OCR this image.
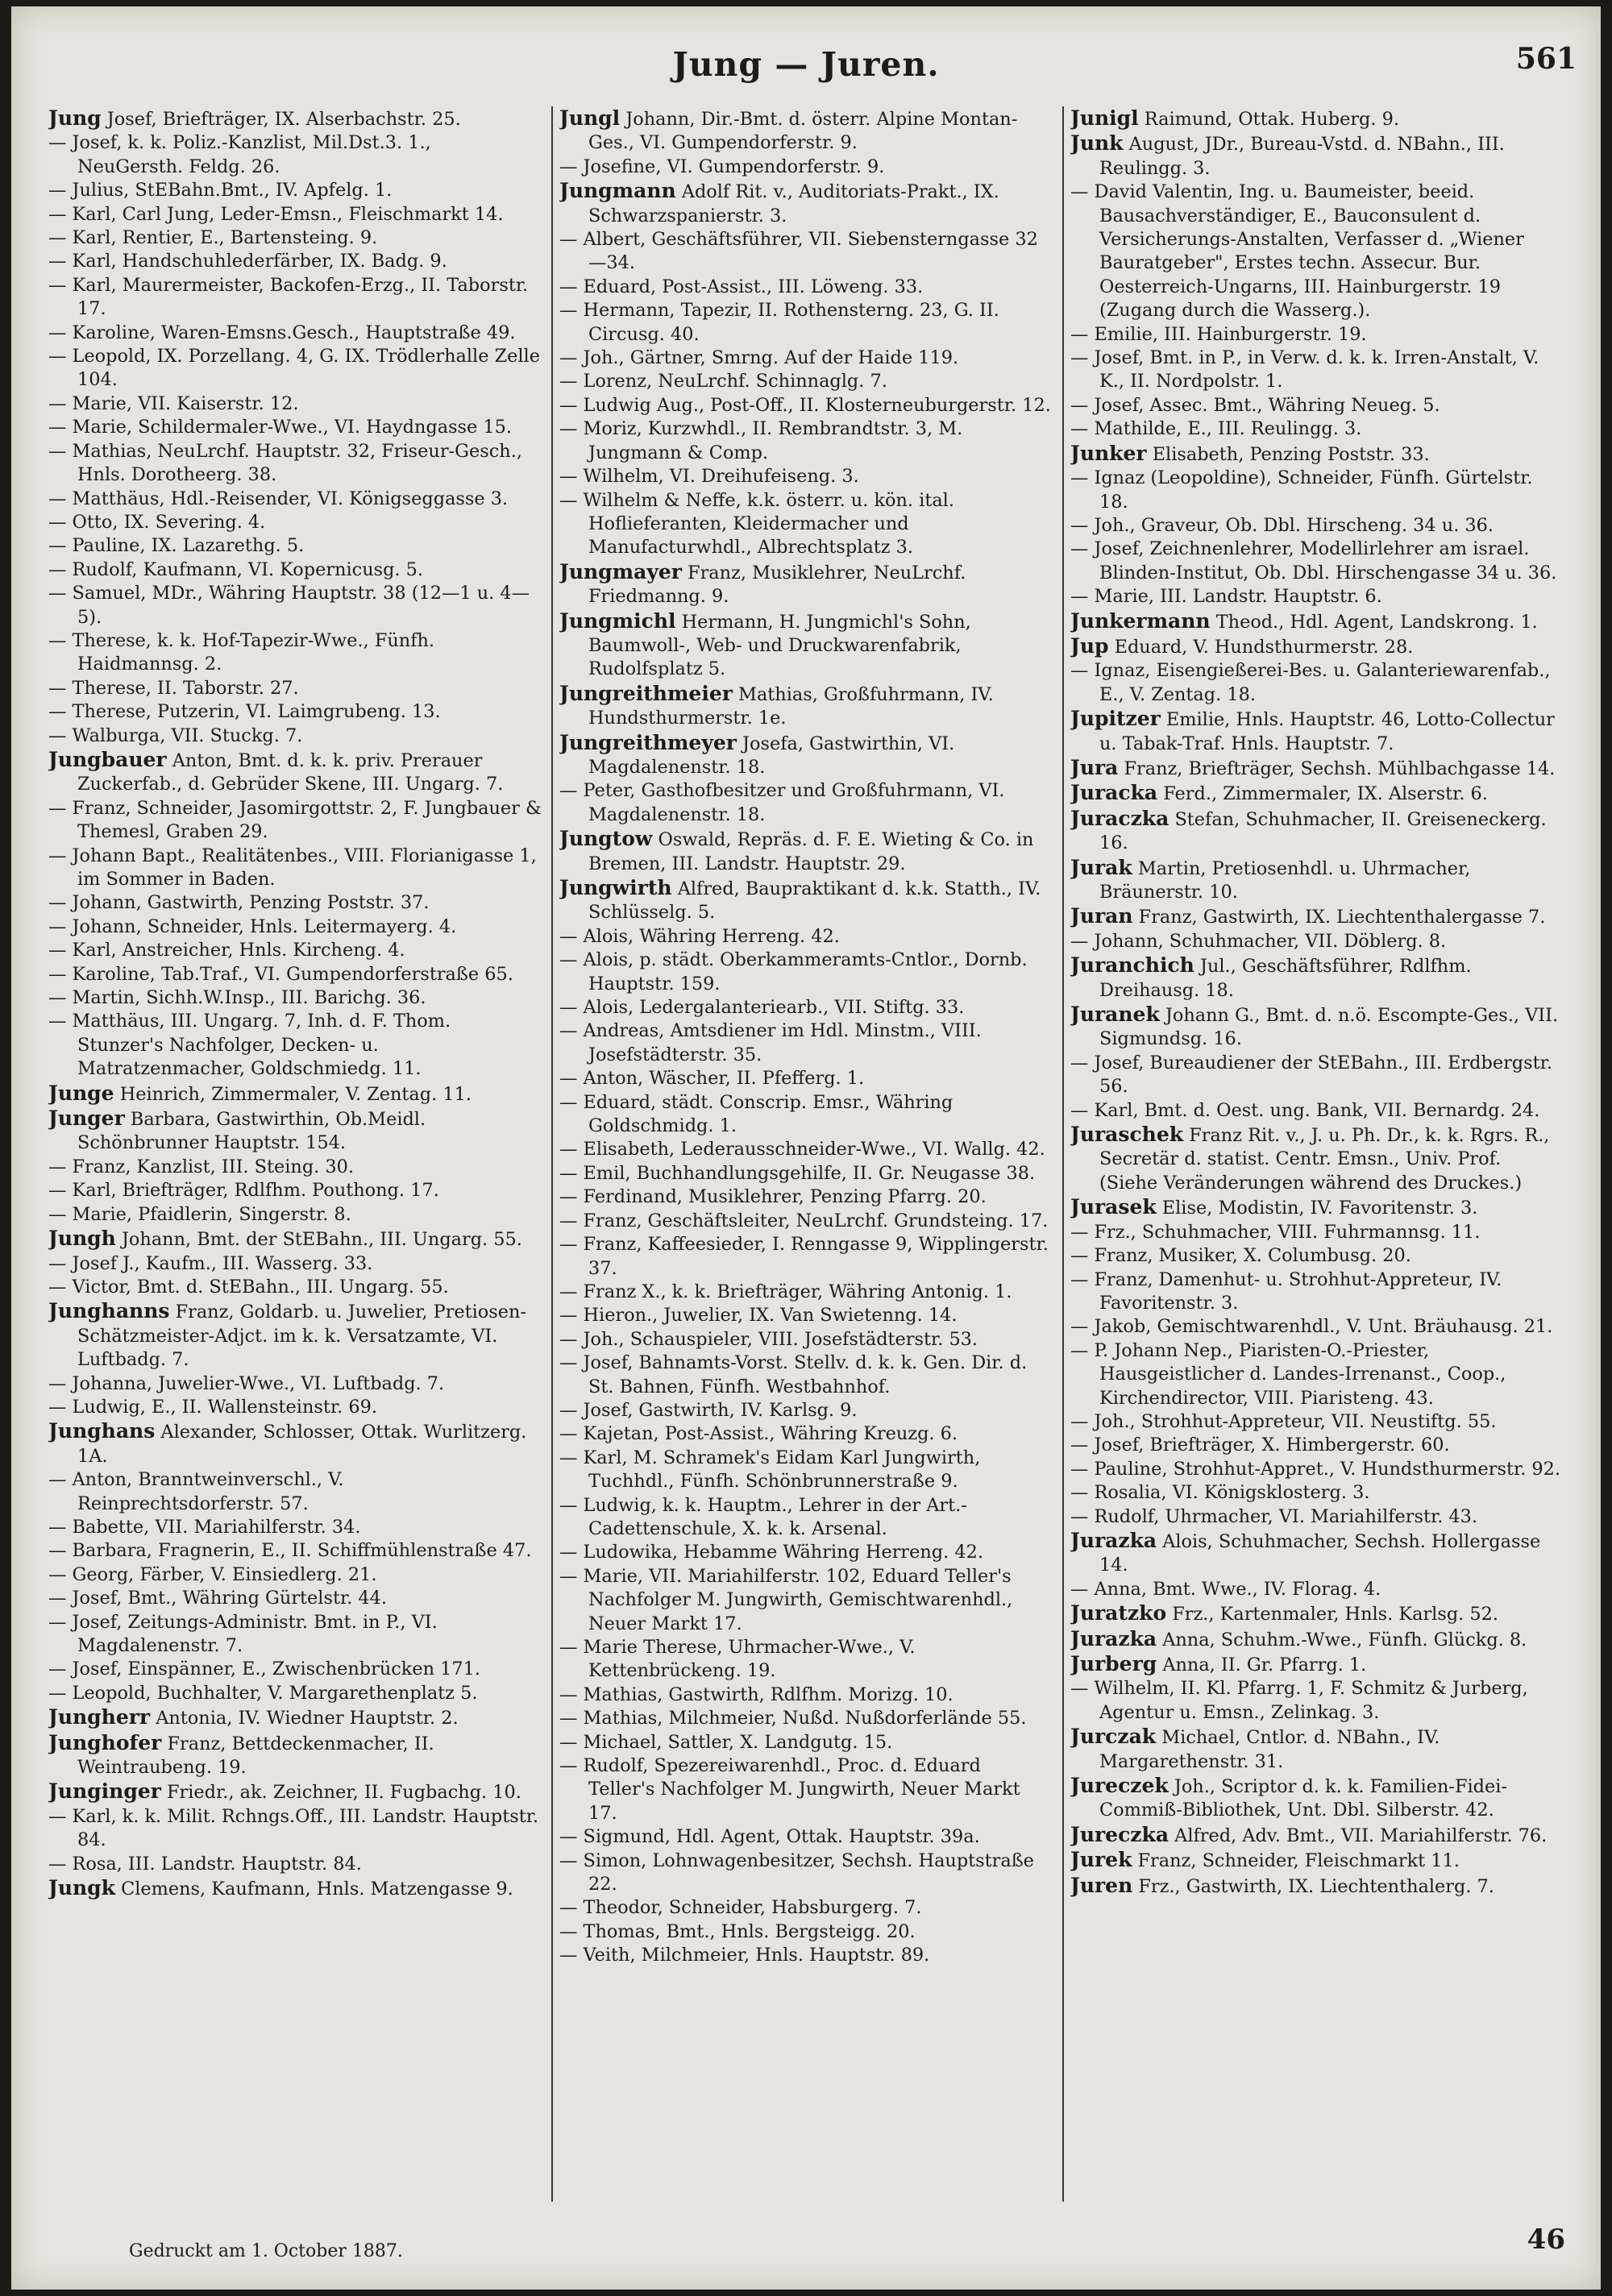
Jung — Juren.	561
Jung Josef, Briefträger, IX. Alserbachstr. 25.
— Josef, k. k. Poliz.-Kanzlist, Mil.Dst.3. 1., NeuGersth. Feldg. 26.
— Julius, StEBahn.Bmt., IV. Apfelg. 1.
— Karl, Carl Jung, Leder-Emsn., Fleischmarkt 14.
— Karl, Rentier, E., Bartensteing. 9.
— Karl, Handschuhlederfärber, IX. Badg. 9.
— Karl, Maurermeister, Backofen-Erzg., II. Taborstr. 17.
— Karoline, Waren-Emsns.Gesch., Hauptstraße 49.
— Leopold, IX. Porzellang. 4, G. IX. Trödlerhalle Zelle 104.
— Marie, VII. Kaiserstr. 12.
— Marie, Schildermaler-Wwe., VI. Haydngasse 15.
— Mathias, NeuLrchf. Hauptstr. 32, Friseur-Gesch., Hnls. Dorotheerg. 38.
— Matthäus, Hdl.-Reisender, VI. Königseggasse 3.
— Otto, IX. Severing. 4.
— Pauline, IX. Lazarethg. 5.
— Rudolf, Kaufmann, VI. Kopernicusg. 5.
— Samuel, MDr., Währing Hauptstr. 38 (12—1 u. 4—5).
— Therese, k. k. Hof-Tapezir-Wwe., Fünfh. Haidmannsg. 2.
— Therese, II. Taborstr. 27.
— Therese, Putzerin, VI. Laimgrubeng. 13.
— Walburga, VII. Stuckg. 7.
Jungbauer Anton, Bmt. d. k. k. priv. Prerauer Zuckerfab., d. Gebrüder Skene, III. Ungarg. 7.
— Franz, Schneider, Jasomirgottstr. 2, F. Jungbauer & Themesl, Graben 29.
— Johann Bapt., Realitätenbes., VIII. Florianigasse 1, im Sommer in Baden.
— Johann, Gastwirth, Penzing Poststr. 37.
— Johann, Schneider, Hnls. Leitermayerg. 4.
— Karl, Anstreicher, Hnls. Kircheng. 4.
— Karoline, Tab.Traf., VI. Gumpendorferstraße 65.
— Martin, Sichh.W.Insp., III. Barichg. 36.
— Matthäus, III. Ungarg. 7, Inh. d. F. Thom. Stunzer's Nachfolger, Decken- u. Matratzenmacher, Goldschmiedg. 11.
Junge Heinrich, Zimmermaler, V. Zentag. 11.
Junger Barbara, Gastwirthin, Ob.Meidl. Schönbrunner Hauptstr. 154.
— Franz, Kanzlist, III. Steing. 30.
— Karl, Briefträger, Rdlfhm. Pouthong. 17.
— Marie, Pfaidlerin, Singerstr. 8.
Jungh Johann, Bmt. der StEBahn., III. Ungarg. 55.
— Josef J., Kaufm., III. Wasserg. 33.
— Victor, Bmt. d. StEBahn., III. Ungarg. 55.
Junghanns Franz, Goldarb. u. Juwelier, Pretiosen-Schätzmeister-Adjct. im k. k. Versatzamte, VI. Luftbadg. 7.
— Johanna, Juwelier-Wwe., VI. Luftbadg. 7.
— Ludwig, E., II. Wallensteinstr. 69.
Junghans Alexander, Schlosser, Ottak. Wurlitzerg. 1A.
— Anton, Branntweinverschl., V. Reinprechtsdorferstr. 57.
— Babette, VII. Mariahilferstr. 34.
— Barbara, Fragnerin, E., II. Schiffmühlenstraße 47.
— Georg, Färber, V. Einsiedlerg. 21.
— Josef, Bmt., Währing Gürtelstr. 44.
— Josef, Zeitungs-Administr. Bmt. in P., VI. Magdalenenstr. 7.
— Josef, Einspänner, E., Zwischenbrücken 171.
— Leopold, Buchhalter, V. Margarethenplatz 5.
Jungherr Antonia, IV. Wiedner Hauptstr. 2.
Junghofer Franz, Bettdeckenmacher, II. Weintraubeng. 19.
Junginger Friedr., ak. Zeichner, II. Fugbachg. 10.
— Karl, k. k. Milit. Rchngs.Off., III. Landstr. Hauptstr. 84.
— Rosa, III. Landstr. Hauptstr. 84.
Jungk Clemens, Kaufmann, Hnls. Matzengasse 9.
Jungl Johann, Dir.-Bmt. d. österr. Alpine Montan-Ges., VI. Gumpendorferstr. 9.
— Josefine, VI. Gumpendorferstr. 9.
Jungmann Adolf Rit. v., Auditoriats-Prakt., IX. Schwarzspanierstr. 3.
— Albert, Geschäftsführer, VII. Siebensterngasse 32—34.
— Eduard, Post-Assist., III. Löweng. 33.
— Hermann, Tapezir, II. Rothensterng. 23, G. II. Circusg. 40.
— Joh., Gärtner, Smrng. Auf der Haide 119.
— Lorenz, NeuLrchf. Schinnaglg. 7.
— Ludwig Aug., Post-Off., II. Klosterneuburgerstr. 12.
— Moriz, Kurzwhdl., II. Rembrandtstr. 3, M. Jungmann & Comp.
— Wilhelm, VI. Dreihufeiseng. 3.
— Wilhelm & Neffe, k.k. österr. u. kön. ital. Hoflieferanten, Kleidermacher und Manufacturwhdl., Albrechtsplatz 3.
Jungmayer Franz, Musiklehrer, NeuLrchf. Friedmanng. 9.
Jungmichl Hermann, H. Jungmichl's Sohn, Baumwoll-, Web- und Druckwarenfabrik, Rudolfsplatz 5.
Jungreithmeier Mathias, Großfuhrmann, IV. Hundsthurmerstr. 1e.
Jungreithmeyer Josefa, Gastwirthin, VI. Magdalenenstr. 18.
— Peter, Gasthofbesitzer und Großfuhrmann, VI. Magdalenenstr. 18.
Jungtow Oswald, Repräs. d. F. E. Wieting & Co. in Bremen, III. Landstr. Hauptstr. 29.
Jungwirth Alfred, Baupraktikant d. k.k. Statth., IV. Schlüsselg. 5.
— Alois, Währing Herreng. 42.
— Alois, p. städt. Oberkammeramts-Cntlor., Dornb. Hauptstr. 159.
— Alois, Ledergalanteriearb., VII. Stiftg. 33.
— Andreas, Amtsdiener im Hdl. Minstm., VIII. Josefstädterstr. 35.
— Anton, Wäscher, II. Pfefferg. 1.
— Eduard, städt. Conscrip. Emsr., Währing Goldschmidg. 1.
— Elisabeth, Lederausschneider-Wwe., VI. Wallg. 42.
— Emil, Buchhandlungsgehilfe, II. Gr. Neugasse 38.
— Ferdinand, Musiklehrer, Penzing Pfarrg. 20.
— Franz, Geschäftsleiter, NeuLrchf. Grundsteing. 17.
— Franz, Kaffeesieder, I. Renngasse 9, Wipplingerstr. 37.
— Franz X., k. k. Briefträger, Währing Antonig. 1.
— Hieron., Juwelier, IX. Van Swietenng. 14.
— Joh., Schauspieler, VIII. Josefstädterstr. 53.
— Josef, Bahnamts-Vorst. Stellv. d. k. k. Gen. Dir. d. St. Bahnen, Fünfh. Westbahnhof.
— Josef, Gastwirth, IV. Karlsg. 9.
— Kajetan, Post-Assist., Währing Kreuzg. 6.
— Karl, M. Schramek's Eidam Karl Jungwirth, Tuchhdl., Fünfh. Schönbrunnerstraße 9.
— Ludwig, k. k. Hauptm., Lehrer in der Art.-Cadettenschule, X. k. k. Arsenal.
— Ludowika, Hebamme Währing Herreng. 42.
— Marie, VII. Mariahilferstr. 102, Eduard Teller's Nachfolger M. Jungwirth, Gemischtwarenhdl., Neuer Markt 17.
— Marie Therese, Uhrmacher-Wwe., V. Kettenbrückeng. 19.
— Mathias, Gastwirth, Rdlfhm. Morizg. 10.
— Mathias, Milchmeier, Nußd. Nußdorferlände 55.
— Michael, Sattler, X. Landgutg. 15.
— Rudolf, Spezereiwarenhdl., Proc. d. Eduard Teller's Nachfolger M. Jungwirth, Neuer Markt 17.
— Sigmund, Hdl. Agent, Ottak. Hauptstr. 39a.
— Simon, Lohnwagenbesitzer, Sechsh. Hauptstraße 22.
— Theodor, Schneider, Habsburgerg. 7.
— Thomas, Bmt., Hnls. Bergsteigg. 20.
— Veith, Milchmeier, Hnls. Hauptstr. 89.
Junigl Raimund, Ottak. Huberg. 9.
Junk August, JDr., Bureau-Vstd. d. NBahn., III. Reulingg. 3.
— David Valentin, Ing. u. Baumeister, beeid. Bausachverständiger, E., Bauconsulent d. Versicherungs-Anstalten, Verfasser d. „Wiener Bauratgeber", Erstes techn. Assecur. Bur. Oesterreich-Ungarns, III. Hainburgerstr. 19 (Zugang durch die Wasserg.).
— Emilie, III. Hainburgerstr. 19.
— Josef, Bmt. in P., in Verw. d. k. k. Irren-Anstalt, V. K., II. Nordpolstr. 1.
— Josef, Assec. Bmt., Währing Neueg. 5.
— Mathilde, E., III. Reulingg. 3.
Junker Elisabeth, Penzing Poststr. 33.
— Ignaz (Leopoldine), Schneider, Fünfh. Gürtelstr. 18.
— Joh., Graveur, Ob. Dbl. Hirscheng. 34 u. 36.
— Josef, Zeichnenlehrer, Modellirlehrer am israel. Blinden-Institut, Ob. Dbl. Hirschengasse 34 u. 36.
— Marie, III. Landstr. Hauptstr. 6.
Junkermann Theod., Hdl. Agent, Landskrong. 1.
Jup Eduard, V. Hundsthurmerstr. 28.
— Ignaz, Eisengießerei-Bes. u. Galanteriewarenfab., E., V. Zentag. 18.
Jupitzer Emilie, Hnls. Hauptstr. 46, Lotto-Collectur u. Tabak-Traf. Hnls. Hauptstr. 7.
Jura Franz, Briefträger, Sechsh. Mühlbachgasse 14.
Juracka Ferd., Zimmermaler, IX. Alserstr. 6.
Juraczka Stefan, Schuhmacher, II. Greiseneckerg. 16.
Jurak Martin, Pretiosenhdl. u. Uhrmacher, Bräunerstr. 10.
Juran Franz, Gastwirth, IX. Liechtenthalergasse 7.
— Johann, Schuhmacher, VII. Döblerg. 8.
Juranchich Jul., Geschäftsführer, Rdlfhm. Dreihausg. 18.
Juranek Johann G., Bmt. d. n.ö. Escompte-Ges., VII. Sigmundsg. 16.
— Josef, Bureaudiener der StEBahn., III. Erdbergstr. 56.
— Karl, Bmt. d. Oest. ung. Bank, VII. Bernardg. 24.
Juraschek Franz Rit. v., J. u. Ph. Dr., k. k. Rgrs. R., Secretär d. statist. Centr. Emsn., Univ. Prof. (Siehe Veränderungen während des Druckes.)
Jurasek Elise, Modistin, IV. Favoritenstr. 3.
— Frz., Schuhmacher, VIII. Fuhrmannsg. 11.
— Franz, Musiker, X. Columbusg. 20.
— Franz, Damenhut- u. Strohhut-Appreteur, IV. Favoritenstr. 3.
— Jakob, Gemischtwarenhdl., V. Unt. Bräuhausg. 21.
— P. Johann Nep., Piaristen-O.-Priester, Hausgeistlicher d. Landes-Irrenanst., Coop., Kirchendirector, VIII. Piaristeng. 43.
— Joh., Strohhut-Appreteur, VII. Neustiftg. 55.
— Josef, Briefträger, X. Himbergerstr. 60.
— Pauline, Strohhut-Appret., V. Hundsthurmerstr. 92.
— Rosalia, VI. Königsklosterg. 3.
— Rudolf, Uhrmacher, VI. Mariahilferstr. 43.
Jurazka Alois, Schuhmacher, Sechsh. Hollergasse 14.
— Anna, Bmt. Wwe., IV. Florag. 4.
Juratzko Frz., Kartenmaler, Hnls. Karlsg. 52.
Jurazka Anna, Schuhm.-Wwe., Fünfh. Glückg. 8.
Jurberg Anna, II. Gr. Pfarrg. 1.
— Wilhelm, II. Kl. Pfarrg. 1, F. Schmitz & Jurberg, Agentur u. Emsn., Zelinkag. 3.
Jurczak Michael, Cntlor. d. NBahn., IV. Margarethenstr. 31.
Jureczek Joh., Scriptor d. k. k. Familien-Fidei-Commiß-Bibliothek, Unt. Dbl. Silberstr. 42.
Jureczka Alfred, Adv. Bmt., VII. Mariahilferstr. 76.
Jurek Franz, Schneider, Fleischmarkt 11.
Juren Frz., Gastwirth, IX. Liechtenthalerg. 7.
Gedruckt am 1. October 1887.	46
